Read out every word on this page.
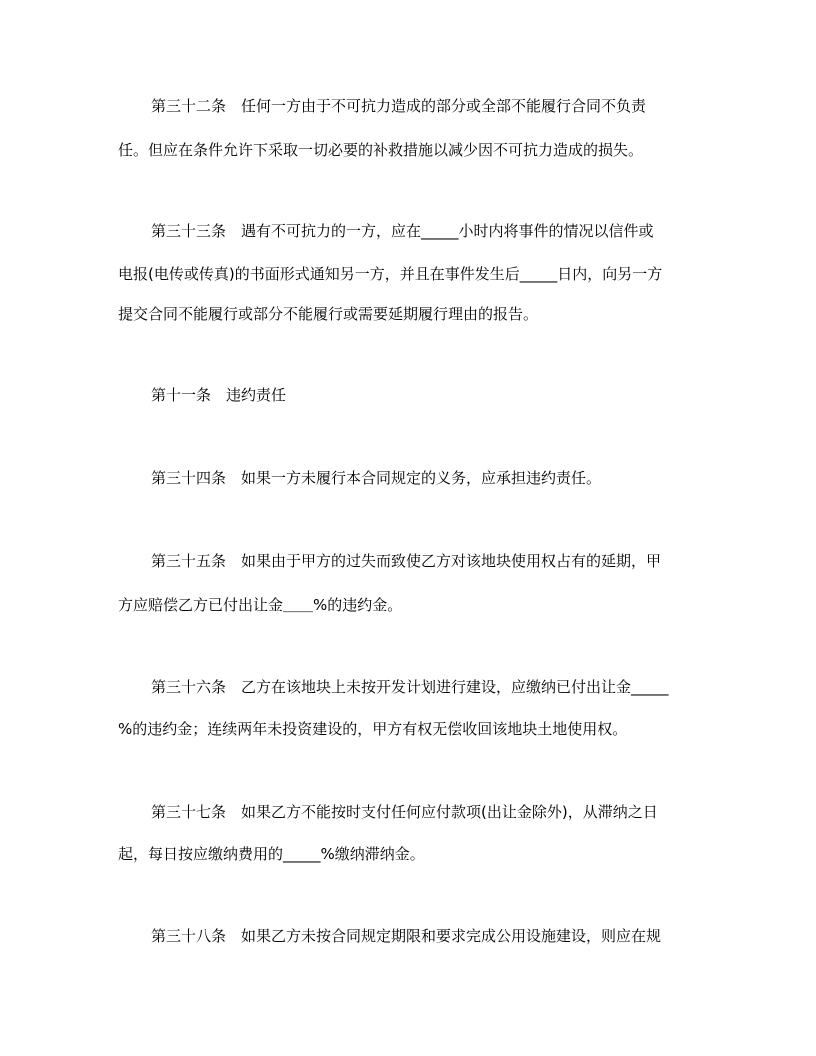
第三十二条　任何一方由于不可抗力造成的部分或全部不能履行合同不负责
任。但应在条件允许下采取一切必要的补救措施以减少因不可抗力造成的损失。
第三十三条　遇有不可抗力的一方，应在_____小时内将事件的情况以信件或
电报(电传或传真)的书面形式通知另一方，并且在事件发生后_____日内，向另一方
提交合同不能履行或部分不能履行或需要延期履行理由的报告。
第十一条　违约责任
第三十四条　如果一方未履行本合同规定的义务，应承担违约责任。
第三十五条　如果由于甲方的过失而致使乙方对该地块使用权占有的延期，甲
方应赔偿乙方已付出让金＿＿%的违约金。
第三十六条　乙方在该地块上未按开发计划进行建设，应缴纳已付出让金_____
%的违约金；连续两年未投资建设的，甲方有权无偿收回该地块土地使用权。
第三十七条　如果乙方不能按时支付任何应付款项(出让金除外)，从滞纳之日
起，每日按应缴纳费用的_____%缴纳滞纳金。
第三十八条　如果乙方未按合同规定期限和要求完成公用设施建设，则应在规
